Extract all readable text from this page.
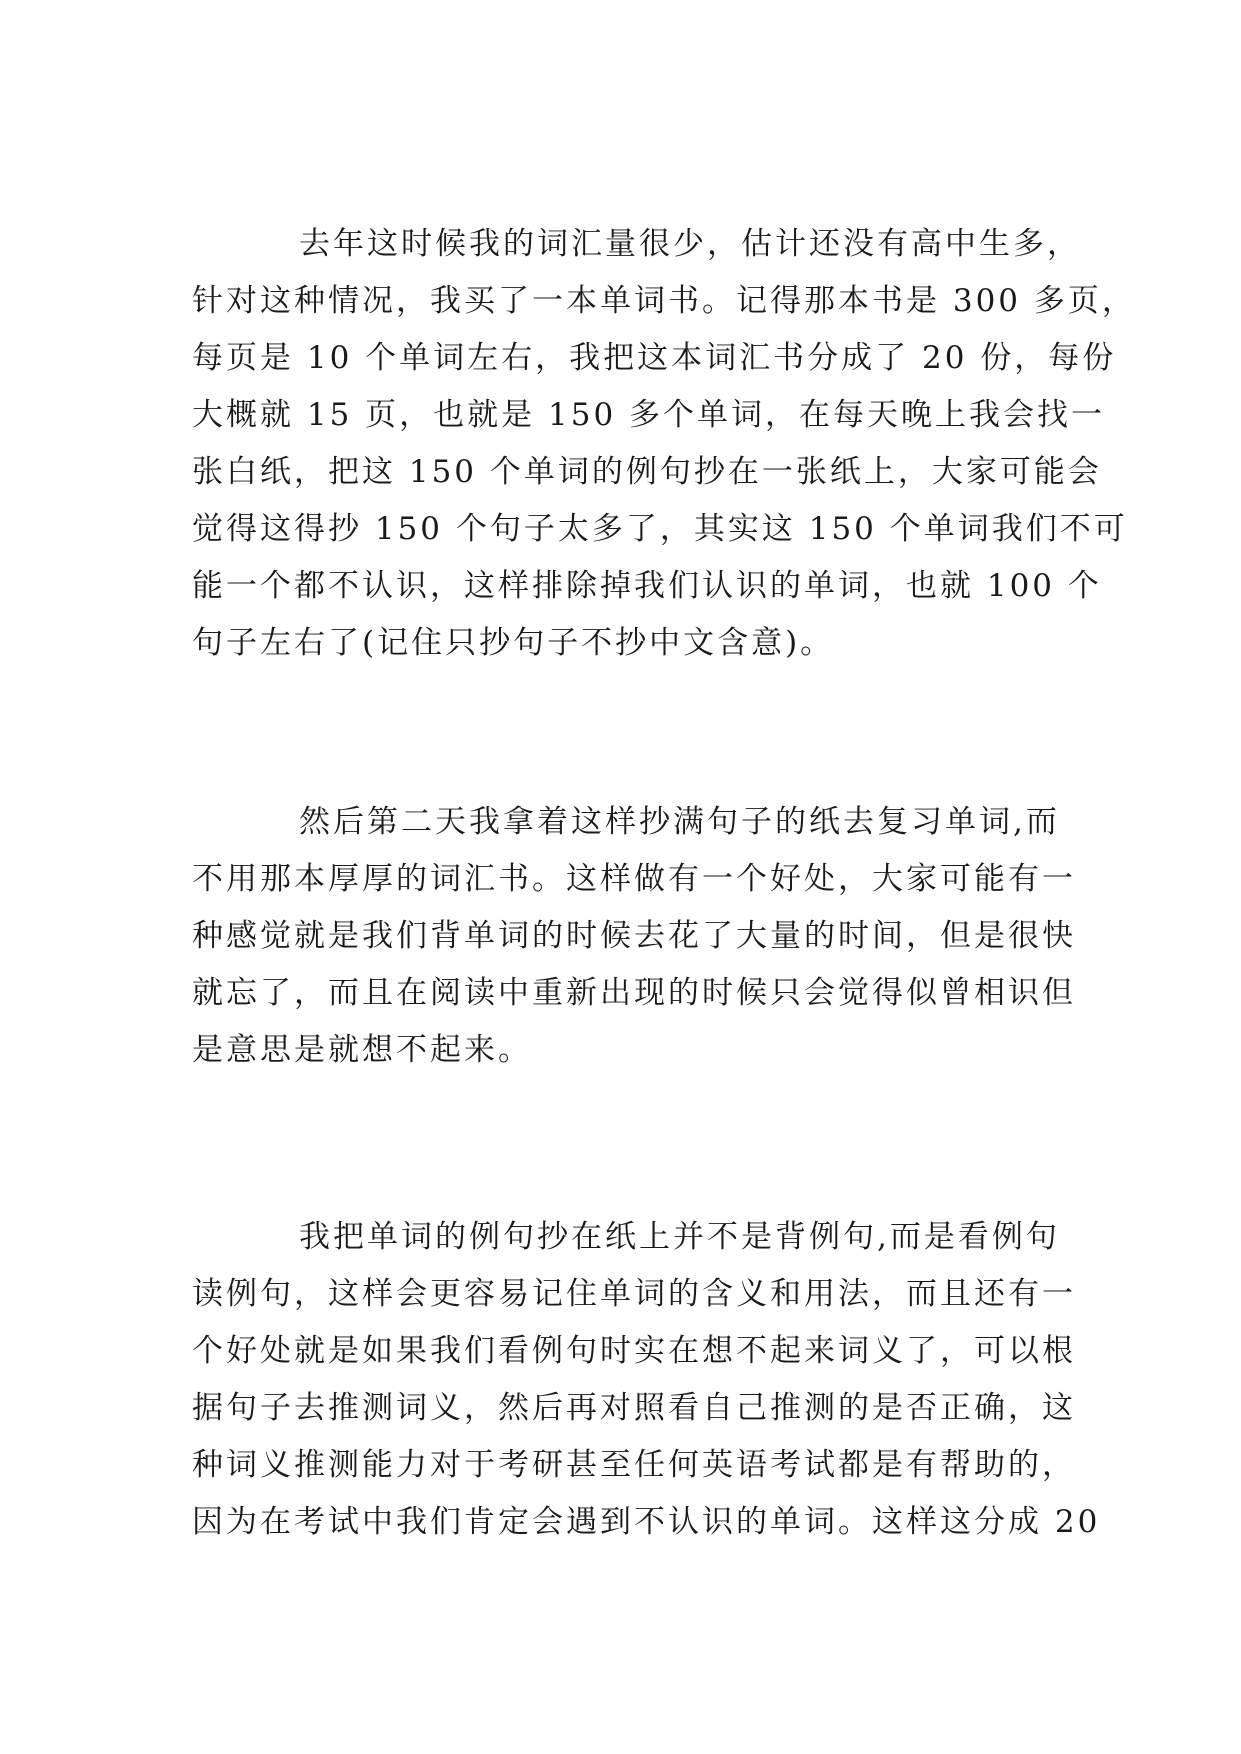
去年这时候我的词汇量很少，估计还没有高中生多，
针对这种情况，我买了一本单词书。记得那本书是 300 多页，
每页是 10 个单词左右，我把这本词汇书分成了 20 份，每份
大概就 15 页，也就是 150 多个单词，在每天晚上我会找一
张白纸，把这 150 个单词的例句抄在一张纸上，大家可能会
觉得这得抄 150 个句子太多了，其实这 150 个单词我们不可
能一个都不认识，这样排除掉我们认识的单词，也就 100 个
句子左右了(记住只抄句子不抄中文含意)。
然后第二天我拿着这样抄满句子的纸去复习单词,而
不用那本厚厚的词汇书。这样做有一个好处，大家可能有一
种感觉就是我们背单词的时候去花了大量的时间，但是很快
就忘了，而且在阅读中重新出现的时候只会觉得似曾相识但
是意思是就想不起来。
我把单词的例句抄在纸上并不是背例句,而是看例句
读例句，这样会更容易记住单词的含义和用法，而且还有一
个好处就是如果我们看例句时实在想不起来词义了，可以根
据句子去推测词义，然后再对照看自己推测的是否正确，这
种词义推测能力对于考研甚至任何英语考试都是有帮助的，
因为在考试中我们肯定会遇到不认识的单词。这样这分成 20
